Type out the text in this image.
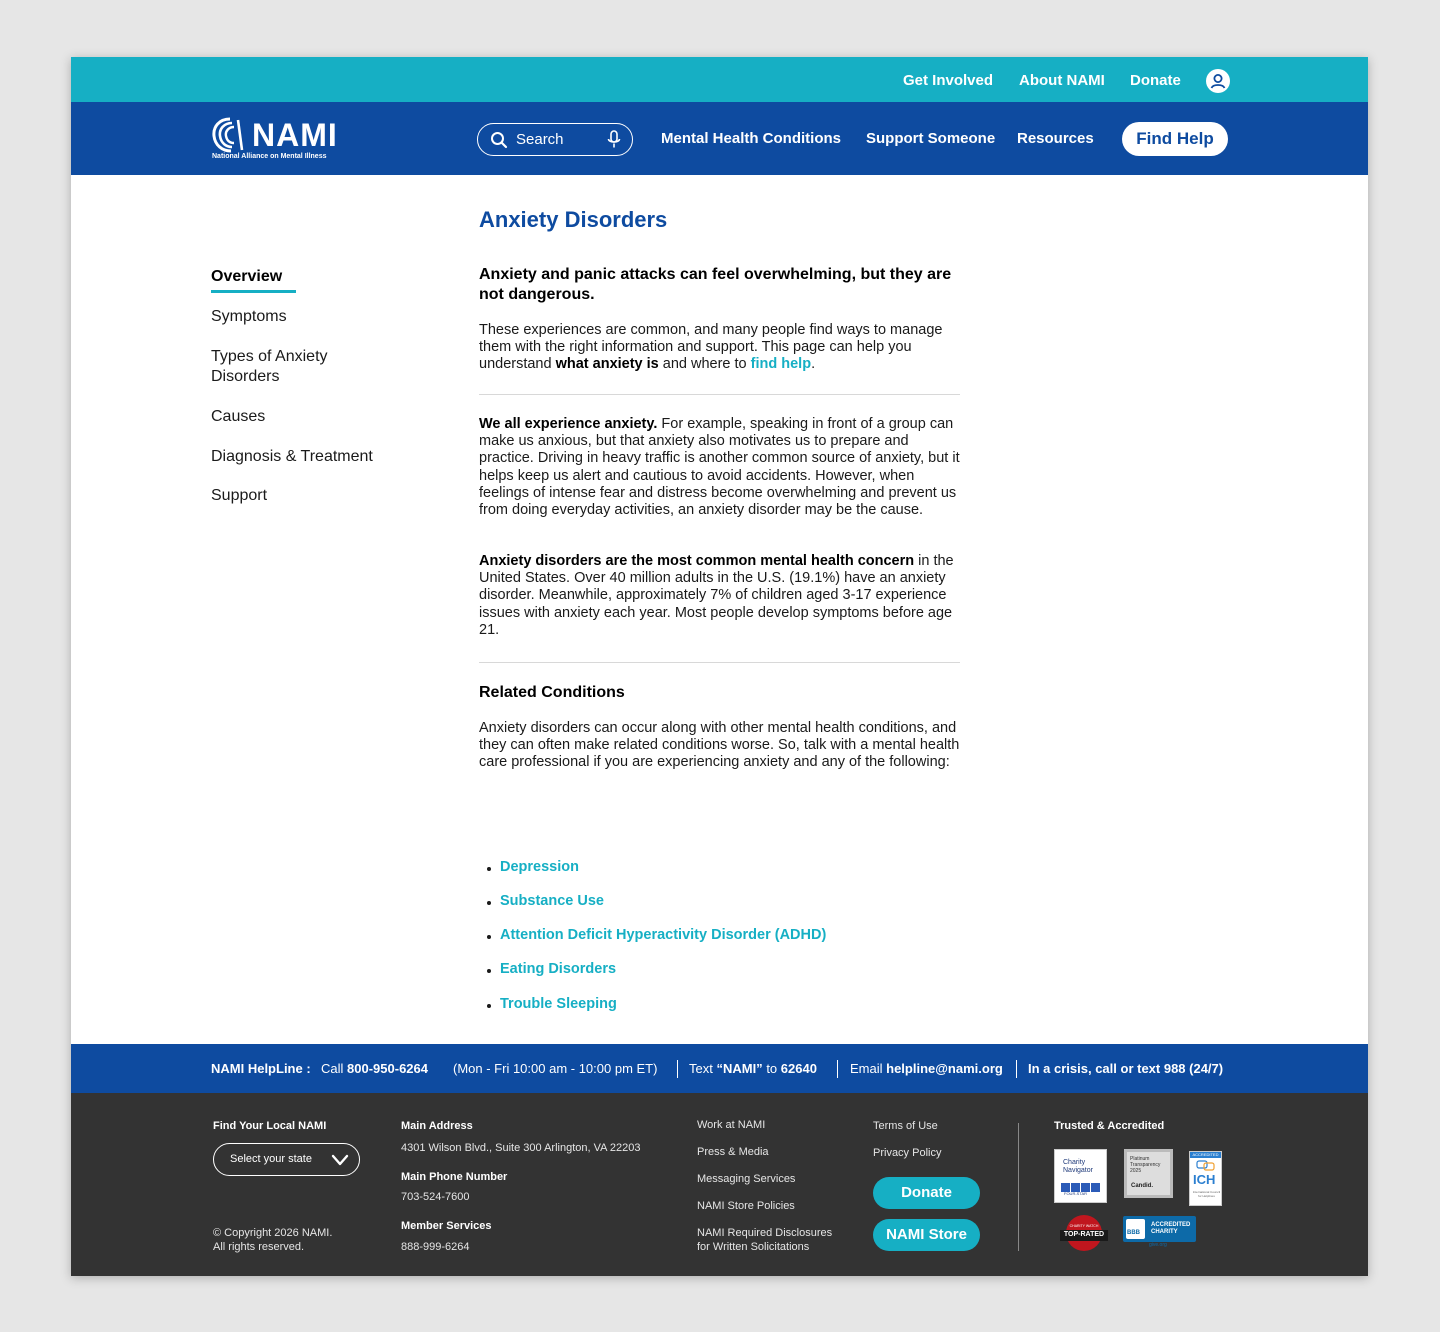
Get Involved About NAMI Donate
NAMI
National Alliance on Mental Illness
Search	Mental Health Conditions Support Someone Resources	Find Help
Overview
Symptoms
Types of Anxiety
Disorders
Causes
Diagnosis & Treatment
Support
Anxiety Disorders

Anxiety and panic attacks can feel overwhelming, but they are not dangerous.

These experiences are common, and many people find ways to manage them with the right information and support. This page can help you understand what anxiety is and where to find help.

We all experience anxiety. For example, speaking in front of a group can make us anxious, but that anxiety also motivates us to prepare and practice. Driving in heavy traffic is another common source of anxiety, but it helps keep us alert and cautious to avoid accidents. However, when feelings of intense fear and distress become overwhelming and prevent us from doing everyday activities, an anxiety disorder may be the cause.

Anxiety disorders are the most common mental health concern in the United States. Over 40 million adults in the U.S. (19.1%) have an anxiety disorder. Meanwhile, approximately 7% of children aged 3-17 experience issues with anxiety each year. Most people develop symptoms before age 21.

Related Conditions

Anxiety disorders can occur along with other mental health conditions, and they can often make related conditions worse. So, talk with a mental health care professional if you are experiencing anxiety and any of the following:

Depression
Substance Use
Attention Deficit Hyperactivity Disorder (ADHD)
Eating Disorders
Trouble Sleeping
NAMI HelpLine : Call 800-950-6264 (Mon - Fri 10:00 am - 10:00 pm ET) Text “NAMI” to 62640	Email helpline@nami.org In a crisis, call or text 988 (24/7)
Find Your Local NAMI
Select your state
© Copyright 2026 NAMI.
All rights reserved.
Main Address
4301 Wilson Blvd., Suite 300 Arlington, VA 22203
Main Phone Number
703-524-7600
Member Services
888-999-6264
Work at NAMI
Press & Media
Messaging Services
NAMI Store Policies
NAMI Required Disclosures
for Written Solicitations
Terms of Use
Privacy Policy
Donate
NAMI Store
Trusted & Accredited
Charity
Navigator
FOUR-STAR
Platinum
Transparency
2025
Candid.
ACCREDITED
ICH
International Council for Helplines
CHARITY WATCH
TOP-RATED	BBB
ACCREDITED
CHARITY
give.org
